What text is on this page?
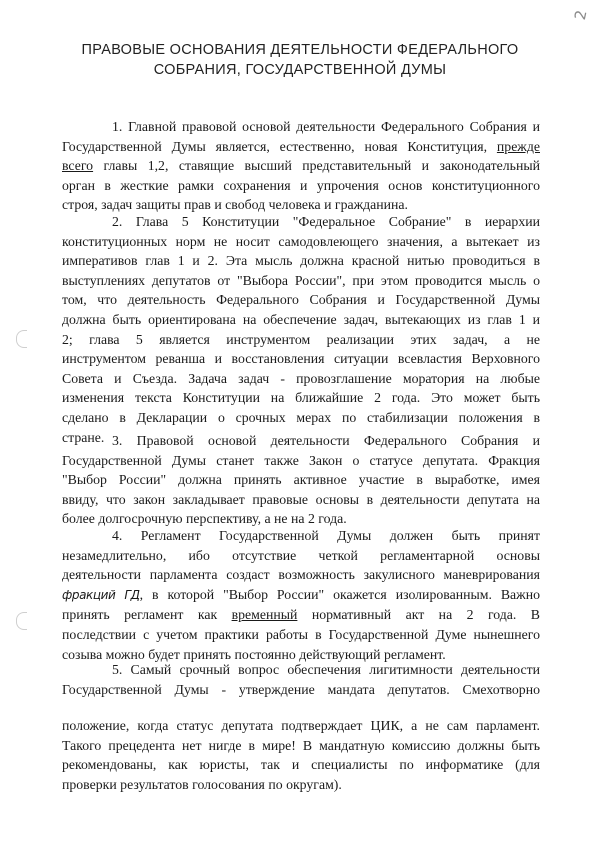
2
ПРАВОВЫЕ ОСНОВАНИЯ ДЕЯТЕЛЬНОСТИ ФЕДЕРАЛЬНОГО
СОБРАНИЯ, ГОСУДАРСТВЕННОЙ ДУМЫ
1. Главной правовой основой деятельности Федерального Собрания и
Государственной Думы является, естественно, новая Конституция, прежде
всего главы 1,2, ставящие высший представительный и законодательный
орган в жесткие рамки сохранения и упрочения основ конституционного
строя, задач защиты прав и свобод человека и гражданина.
2. Глава 5 Конституции "Федеральное Собрание" в иерархии
конституционных норм не носит самодовлеющего значения, а вытекает из
императивов глав 1 и 2. Эта мысль должна красной нитью проводиться в
выступлениях депутатов от "Выбора России", при этом проводится мысль о
том, что деятельность Федерального Собрания и Государственной Думы
должна быть ориентирована на обеспечение задач, вытекающих из глав 1 и
2; глава 5 является инструментом реализации этих задач, а не
инструментом реванша и восстановления ситуации всевластия Верховного
Совета и Съезда. Задача задач - провозглашение моратория на любые
изменения текста Конституции на ближайшие 2 года. Это может быть
сделано в Декларации о срочных мерах по стабилизации положения в
стране. 3. Правовой основой деятельности Федерального Собрания и
Государственной Думы станет также Закон о статусе депутата. Фракция
"Выбор России" должна принять активное участие в выработке, имея
ввиду, что закон закладывает правовые основы в деятельности депутата на
более долгосрочную перспективу, а не на 2 года.
4. Регламент Государственной Думы должен быть принят
незамедлительно, ибо отсутствие четкой регламентарной основы
деятельности парламента создаст возможность закулисного маневрирования
фракций ГД, в которой "Выбор России" окажется изолированным. Важно
принять регламент как временный нормативный акт на 2 года. В
последствии с учетом практики работы в Государственной Думе нынешнего
созыва можно будет принять постоянно действующий регламент.
5. Самый срочный вопрос обеспечения лигитимности деятельности
Государственной Думы - утверждение мандата депутатов. Смехотворно
положение, когда статус депутата подтверждает ЦИК, а не сам парламент.
Такого прецедента нет нигде в мире! В мандатную комиссию должны быть
рекомендованы, как юристы, так и специалисты по информатике (для
проверки результатов голосования по округам).
